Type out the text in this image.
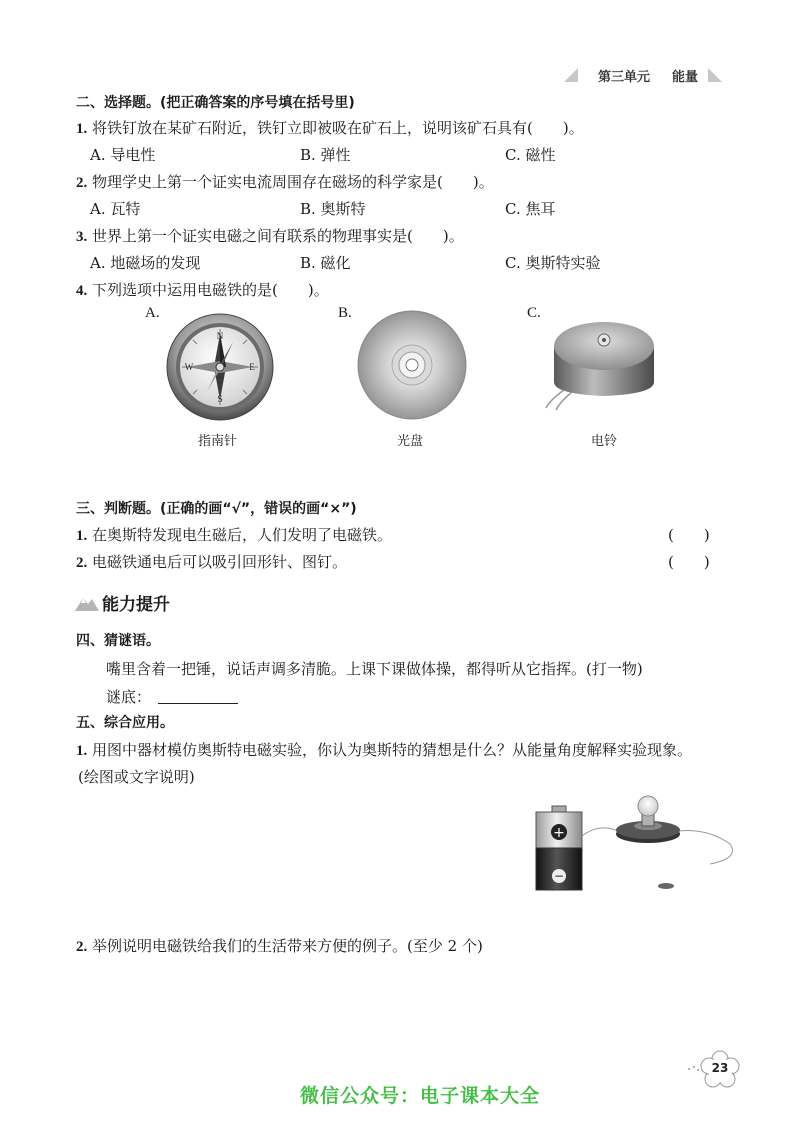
第三单元 能量
二、选择题。(把正确答案的序号填在括号里)
1. 将铁钉放在某矿石附近，铁钉立即被吸在矿石上，说明该矿石具有(　　)。
A. 导电性	B. 弹性	C. 磁性
2. 物理学史上第一个证实电流周围存在磁场的科学家是(　　)。
A. 瓦特	B. 奥斯特	C. 焦耳
3. 世界上第一个证实电磁之间有联系的物理事实是(　　)。
A. 地磁场的发现	B. 磁化	C. 奥斯特实验
4. 下列选项中运用电磁铁的是(　　)。
A.	B.	C.
N
S
E
W
指南针	光盘	电铃
三、判断题。(正确的画“√”，错误的画“×”)
1. 在奥斯特发现电生磁后，人们发明了电磁铁。	(　　)
2. 电磁铁通电后可以吸引回形针、图钉。	(　　)
能力提升
四、猜谜语。
嘴里含着一把锤，说话声调多清脆。上课下课做体操，都得听从它指挥。(打一物)
谜底：
五、综合应用。
1. 用图中器材模仿奥斯特电磁实验，你认为奥斯特的猜想是什么？从能量角度解释实验现象。
(绘图或文字说明)
+
−
2. 举例说明电磁铁给我们的生活带来方便的例子。(至少 2 个)
23
微信公众号：电子课本大全
